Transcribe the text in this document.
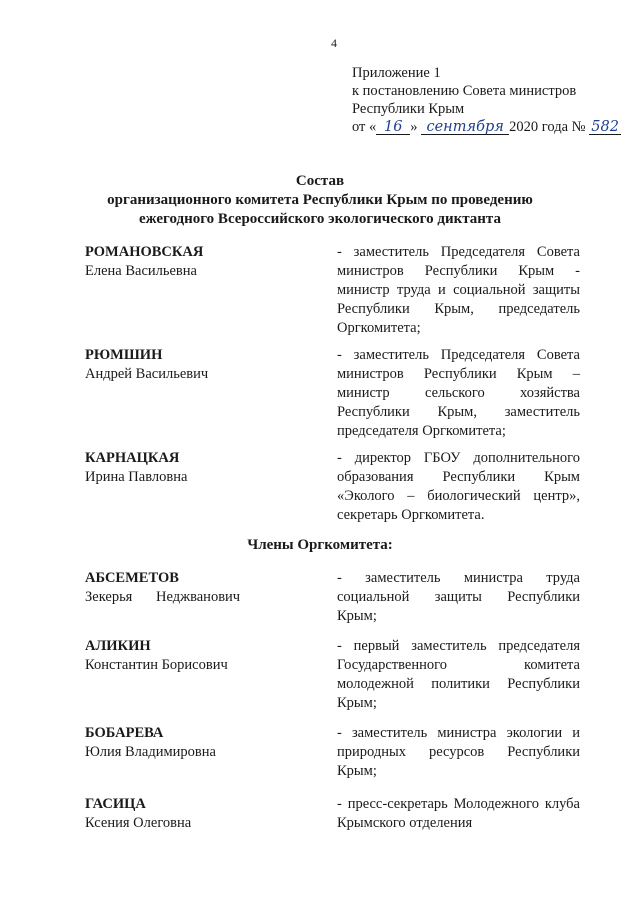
4
Приложение 1
к постановлению Совета министров
Республики Крым
от « 16 » сентября 2020 года № 582
Состав
организационного комитета Республики Крым по проведению
ежегодного Всероссийского экологического диктанта
РОМАНОВСКАЯ
Елена Васильевна
- заместитель Председателя Совета министров Республики Крым - министр труда и социальной защиты Республики Крым, председатель Оргкомитета;
РЮМШИН
Андрей Васильевич
- заместитель Председателя Совета министров Республики Крым – министр сельского хозяйства Республики Крым, заместитель председателя Оргкомитета;
КАРНАЦКАЯ
Ирина Павловна
- директор ГБОУ дополнительного образования Республики Крым «Эколого – биологический центр», секретарь Оргкомитета.
Члены Оргкомитета:
АБСЕМЕТОВ
Зекерья Неджванович
- заместитель министра труда социальной защиты Республики Крым;
АЛИКИН
Константин Борисович
- первый заместитель председателя Государственного комитета молодежной политики Республики Крым;
БОБАРЕВА
Юлия Владимировна
- заместитель министра экологии и природных ресурсов Республики Крым;
ГАСИЦА
Ксения Олеговна
- пресс-секретарь Молодежного клуба Крымского отделения
